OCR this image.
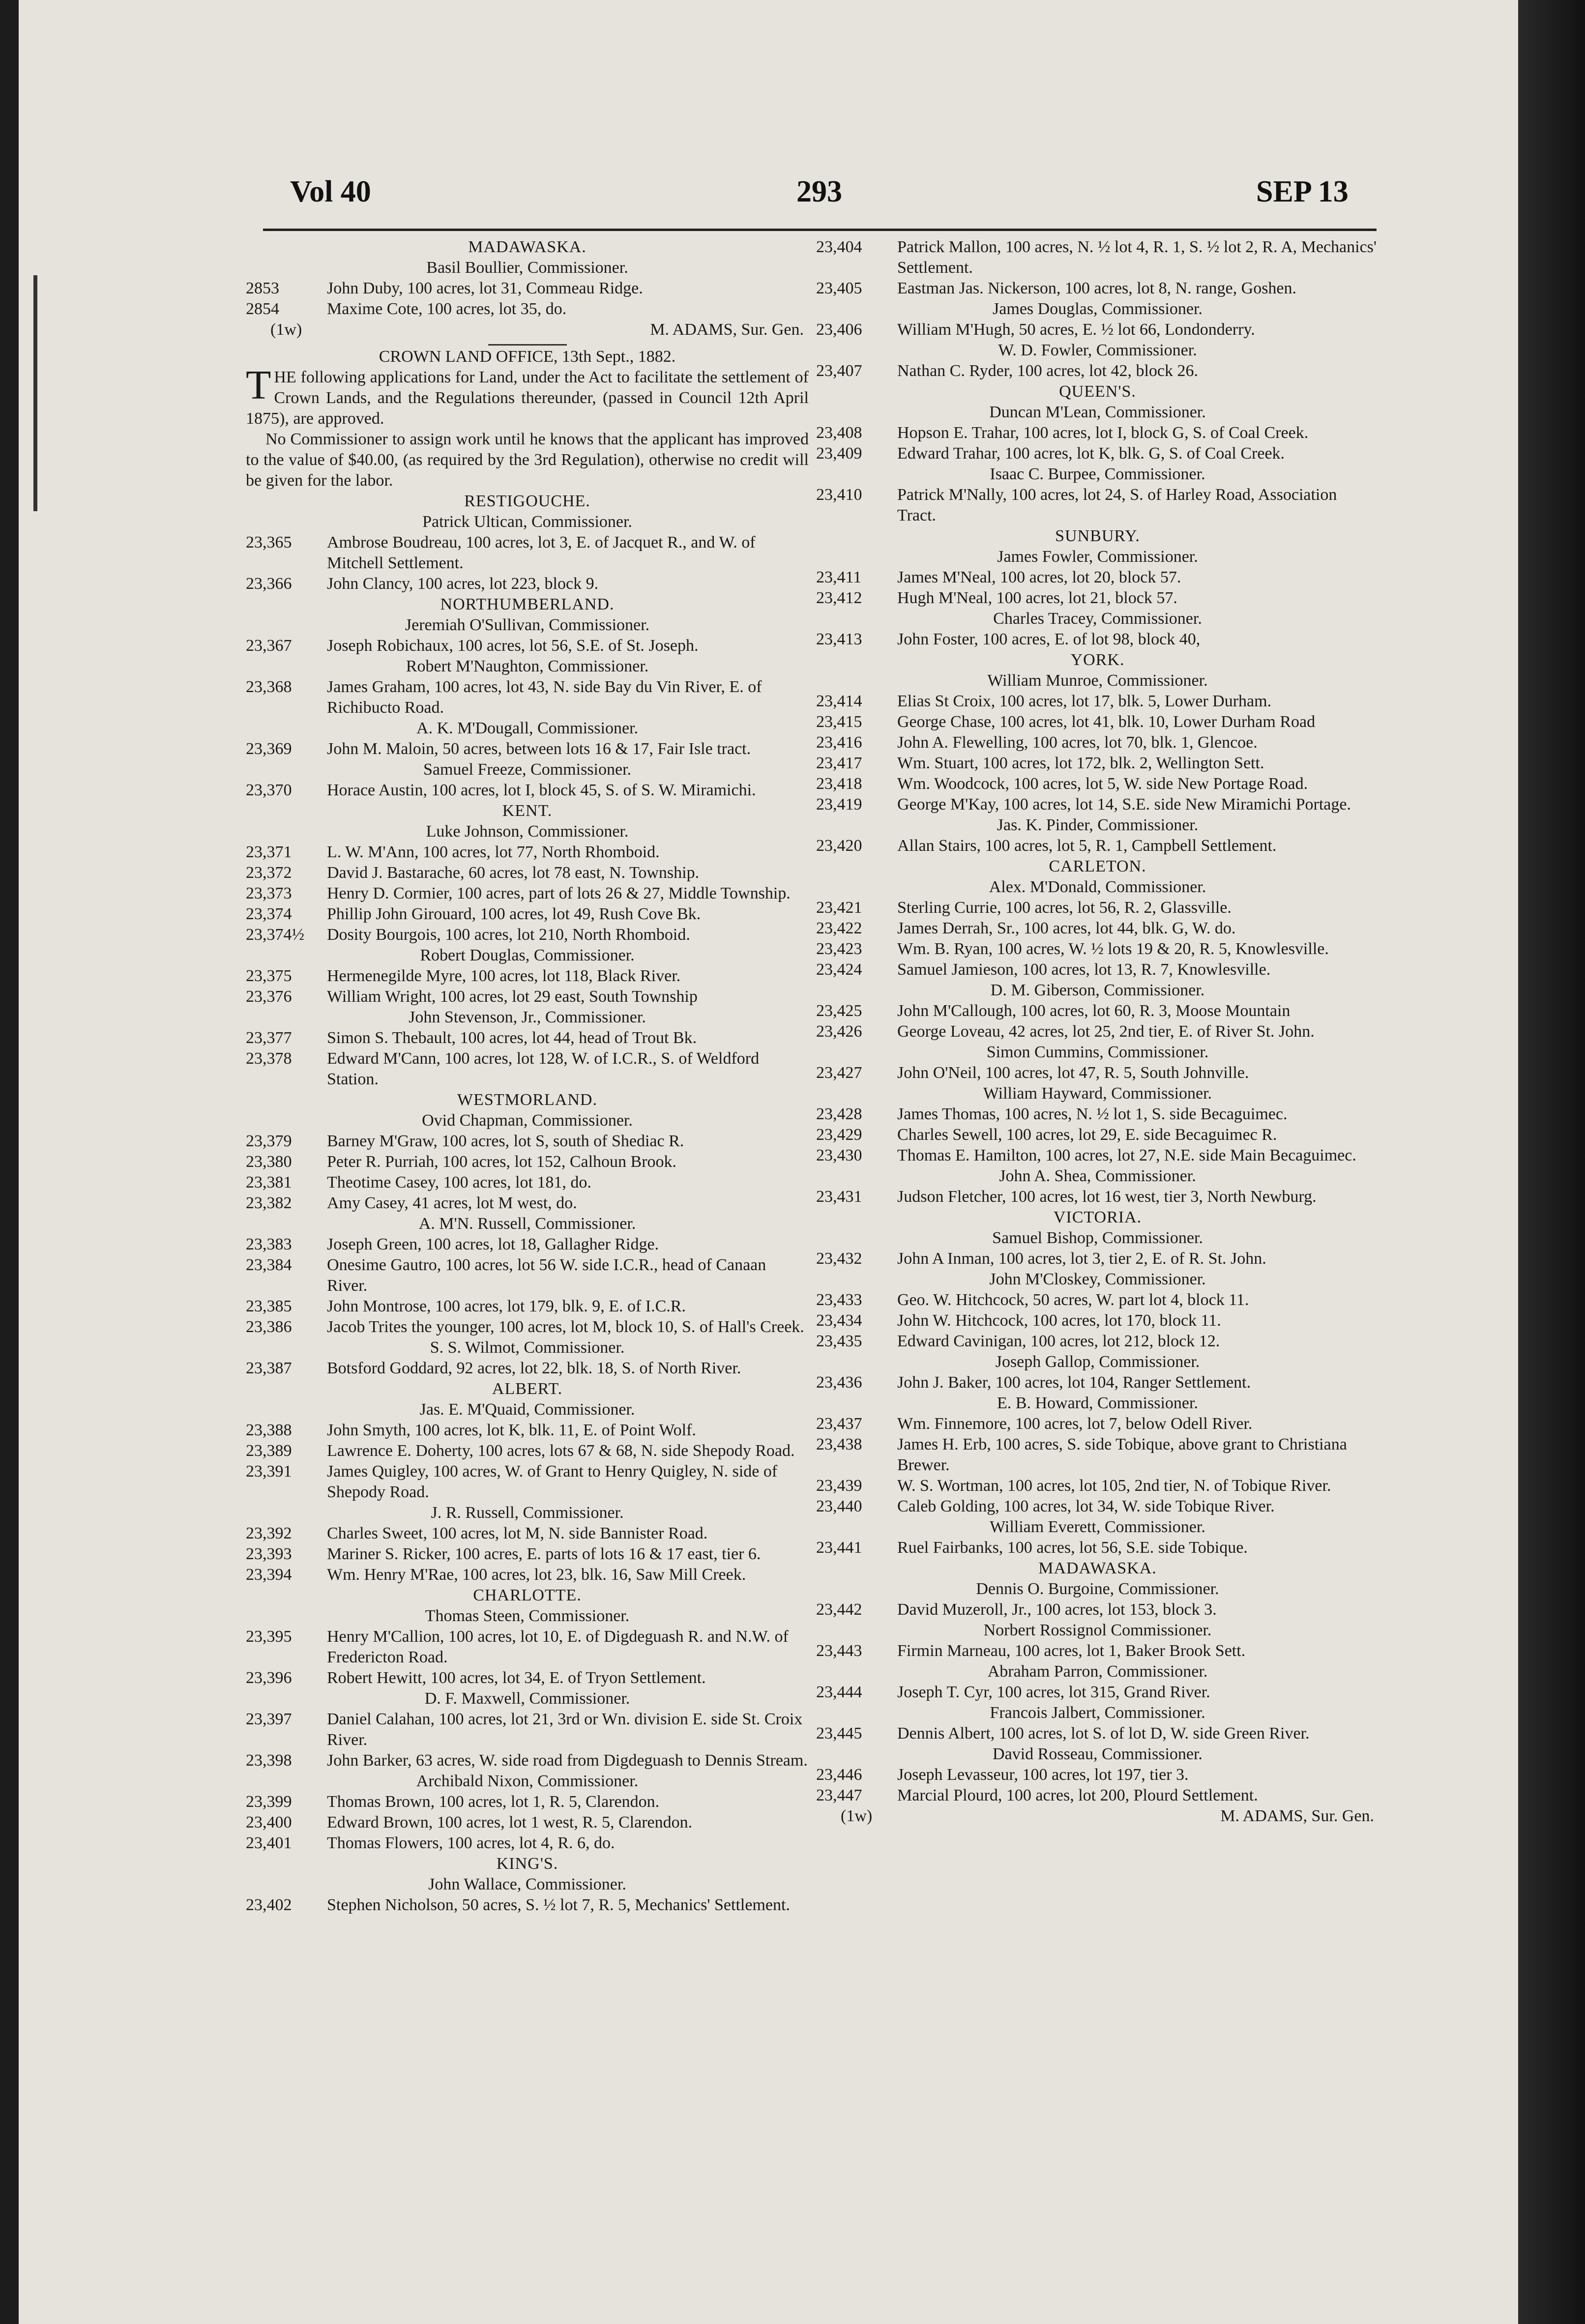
Vol 40	293	SEP 13
MADAWASKA.
Basil Boullier, Commissioner.
2853	John Duby, 100 acres, lot 31, Commeau Ridge.
2854	Maxime Cote, 100 acres, lot 35, do.
(1w)	M. ADAMS, Sur. Gen.
CROWN LAND OFFICE, 13th Sept., 1882.
THE following applications for Land, under the Act to facilitate the settlement of Crown Lands, and the Regulations thereunder, (passed in Council 12th April 1875), are approved.
No Commissioner to assign work until he knows that the applicant has improved to the value of $40.00, (as required by the 3rd Regulation), otherwise no credit will be given for the labor.
RESTIGOUCHE.
Patrick Ultican, Commissioner.
23,365 Ambrose Boudreau, 100 acres, lot 3, E. of Jacquet R., and W. of Mitchell Settlement.
23,366 John Clancy, 100 acres, lot 223, block 9.
NORTHUMBERLAND.
Jeremiah O'Sullivan, Commissioner.
23,367 Joseph Robichaux, 100 acres, lot 56, S.E. of St. Joseph.
Robert M'Naughton, Commissioner.
23,368 James Graham, 100 acres, lot 43, N. side Bay du Vin River, E. of Richibucto Road.
A. K. M'Dougall, Commissioner.
23,369 John M. Maloin, 50 acres, between lots 16 & 17, Fair Isle tract.
Samuel Freeze, Commissioner.
23,370 Horace Austin, 100 acres, lot I, block 45, S. of S. W. Miramichi.
KENT.
Luke Johnson, Commissioner.
23,371 L. W. M'Ann, 100 acres, lot 77, North Rhomboid.
23,372 David J. Bastarache, 60 acres, lot 78 east, N. Township.
23,373 Henry D. Cormier, 100 acres, part of lots 26 & 27, Middle Township.
23,374 Phillip John Girouard, 100 acres, lot 49, Rush Cove Bk.
23,374½ Dosity Bourgois, 100 acres, lot 210, North Rhomboid.
Robert Douglas, Commissioner.
23,375 Hermenegilde Myre, 100 acres, lot 118, Black River.
23,376 William Wright, 100 acres, lot 29 east, South Township
John Stevenson, Jr., Commissioner.
23,377 Simon S. Thebault, 100 acres, lot 44, head of Trout Bk.
23,378 Edward M'Cann, 100 acres, lot 128, W. of I.C.R., S. of Weldford Station.
WESTMORLAND.
Ovid Chapman, Commissioner.
23,379 Barney M'Graw, 100 acres, lot S, south of Shediac R.
23,380 Peter R. Purriah, 100 acres, lot 152, Calhoun Brook.
23,381 Theotime Casey, 100 acres, lot 181, do.
23,382 Amy Casey, 41 acres, lot M west, do.
A. M'N. Russell, Commissioner.
23,383 Joseph Green, 100 acres, lot 18, Gallagher Ridge.
23,384 Onesime Gautro, 100 acres, lot 56 W. side I.C.R., head of Canaan River.
23,385 John Montrose, 100 acres, lot 179, blk. 9, E. of I.C.R.
23,386 Jacob Trites the younger, 100 acres, lot M, block 10, S. of Hall's Creek.
S. S. Wilmot, Commissioner.
23,387 Botsford Goddard, 92 acres, lot 22, blk. 18, S. of North River.
ALBERT.
Jas. E. M'Quaid, Commissioner.
23,388 John Smyth, 100 acres, lot K, blk. 11, E. of Point Wolf.
23,389 Lawrence E. Doherty, 100 acres, lots 67 & 68, N. side Shepody Road.
23,391 James Quigley, 100 acres, W. of Grant to Henry Quigley, N. side of Shepody Road.
J. R. Russell, Commissioner.
23,392 Charles Sweet, 100 acres, lot M, N. side Bannister Road.
23,393 Mariner S. Ricker, 100 acres, E. parts of lots 16 & 17 east, tier 6.
23,394 Wm. Henry M'Rae, 100 acres, lot 23, blk. 16, Saw Mill Creek.
CHARLOTTE.
Thomas Steen, Commissioner.
23,395 Henry M'Callion, 100 acres, lot 10, E. of Digdeguash R. and N.W. of Fredericton Road.
23,396 Robert Hewitt, 100 acres, lot 34, E. of Tryon Settlement.
D. F. Maxwell, Commissioner.
23,397 Daniel Calahan, 100 acres, lot 21, 3rd or Wn. division E. side St. Croix River.
23,398 John Barker, 63 acres, W. side road from Digdeguash to Dennis Stream.
Archibald Nixon, Commissioner.
23,399 Thomas Brown, 100 acres, lot 1, R. 5, Clarendon.
23,400 Edward Brown, 100 acres, lot 1 west, R. 5, Clarendon.
23,401 Thomas Flowers, 100 acres, lot 4, R. 6, do.
KING'S.
John Wallace, Commissioner.
23,402 Stephen Nicholson, 50 acres, S. ½ lot 7, R. 5, Mechanics' Settlement.
23,404 Patrick Mallon, 100 acres, N. ½ lot 4, R. 1, S. ½ lot 2, R. A, Mechanics' Settlement.
23,405 Eastman Jas. Nickerson, 100 acres, lot 8, N. range, Goshen.
James Douglas, Commissioner.
23,406 William M'Hugh, 50 acres, E. ½ lot 66, Londonderry.
W. D. Fowler, Commissioner.
23,407 Nathan C. Ryder, 100 acres, lot 42, block 26.
QUEEN'S.
Duncan M'Lean, Commissioner.
23,408 Hopson E. Trahar, 100 acres, lot I, block G, S. of Coal Creek.
23,409 Edward Trahar, 100 acres, lot K, blk. G, S. of Coal Creek.
Isaac C. Burpee, Commissioner.
23,410 Patrick M'Nally, 100 acres, lot 24, S. of Harley Road, Association Tract.
SUNBURY.
James Fowler, Commissioner.
23,411 James M'Neal, 100 acres, lot 20, block 57.
23,412 Hugh M'Neal, 100 acres, lot 21, block 57.
Charles Tracey, Commissioner.
23,413 John Foster, 100 acres, E. of lot 98, block 40,
YORK.
William Munroe, Commissioner.
23,414 Elias St Croix, 100 acres, lot 17, blk. 5, Lower Durham.
23,415 George Chase, 100 acres, lot 41, blk. 10, Lower Durham Road
23,416 John A. Flewelling, 100 acres, lot 70, blk. 1, Glencoe.
23,417 Wm. Stuart, 100 acres, lot 172, blk. 2, Wellington Sett.
23,418 Wm. Woodcock, 100 acres, lot 5, W. side New Portage Road.
23,419 George M'Kay, 100 acres, lot 14, S.E. side New Miramichi Portage.
Jas. K. Pinder, Commissioner.
23,420 Allan Stairs, 100 acres, lot 5, R. 1, Campbell Settlement.
CARLETON.
Alex. M'Donald, Commissioner.
23,421 Sterling Currie, 100 acres, lot 56, R. 2, Glassville.
23,422 James Derrah, Sr., 100 acres, lot 44, blk. G, W. do.
23,423 Wm. B. Ryan, 100 acres, W. ½ lots 19 & 20, R. 5, Knowlesville.
23,424 Samuel Jamieson, 100 acres, lot 13, R. 7, Knowlesville.
D. M. Giberson, Commissioner.
23,425 John M'Callough, 100 acres, lot 60, R. 3, Moose Mountain
23,426 George Loveau, 42 acres, lot 25, 2nd tier, E. of River St. John.
Simon Cummins, Commissioner.
23,427 John O'Neil, 100 acres, lot 47, R. 5, South Johnville.
William Hayward, Commissioner.
23,428 James Thomas, 100 acres, N. ½ lot 1, S. side Becaguimec.
23,429 Charles Sewell, 100 acres, lot 29, E. side Becaguimec R.
23,430 Thomas E. Hamilton, 100 acres, lot 27, N.E. side Main Becaguimec.
John A. Shea, Commissioner.
23,431 Judson Fletcher, 100 acres, lot 16 west, tier 3, North Newburg.
VICTORIA.
Samuel Bishop, Commissioner.
23,432 John A Inman, 100 acres, lot 3, tier 2, E. of R. St. John.
John M'Closkey, Commissioner.
23,433 Geo. W. Hitchcock, 50 acres, W. part lot 4, block 11.
23,434 John W. Hitchcock, 100 acres, lot 170, block 11.
23,435 Edward Cavinigan, 100 acres, lot 212, block 12.
Joseph Gallop, Commissioner.
23,436 John J. Baker, 100 acres, lot 104, Ranger Settlement.
E. B. Howard, Commissioner.
23,437 Wm. Finnemore, 100 acres, lot 7, below Odell River.
23,438 James H. Erb, 100 acres, S. side Tobique, above grant to Christiana Brewer.
23,439 W. S. Wortman, 100 acres, lot 105, 2nd tier, N. of Tobique River.
23,440 Caleb Golding, 100 acres, lot 34, W. side Tobique River.
William Everett, Commissioner.
23,441 Ruel Fairbanks, 100 acres, lot 56, S.E. side Tobique.
MADAWASKA.
Dennis O. Burgoine, Commissioner.
23,442 David Muzeroll, Jr., 100 acres, lot 153, block 3.
Norbert Rossignol Commissioner.
23,443 Firmin Marneau, 100 acres, lot 1, Baker Brook Sett.
Abraham Parron, Commissioner.
23,444 Joseph T. Cyr, 100 acres, lot 315, Grand River.
Francois Jalbert, Commissioner.
23,445 Dennis Albert, 100 acres, lot S. of lot D, W. side Green River.
David Rosseau, Commissioner.
23,446 Joseph Levasseur, 100 acres, lot 197, tier 3.
23,447 Marcial Plourd, 100 acres, lot 200, Plourd Settlement.
(1w)	M. ADAMS, Sur. Gen.
